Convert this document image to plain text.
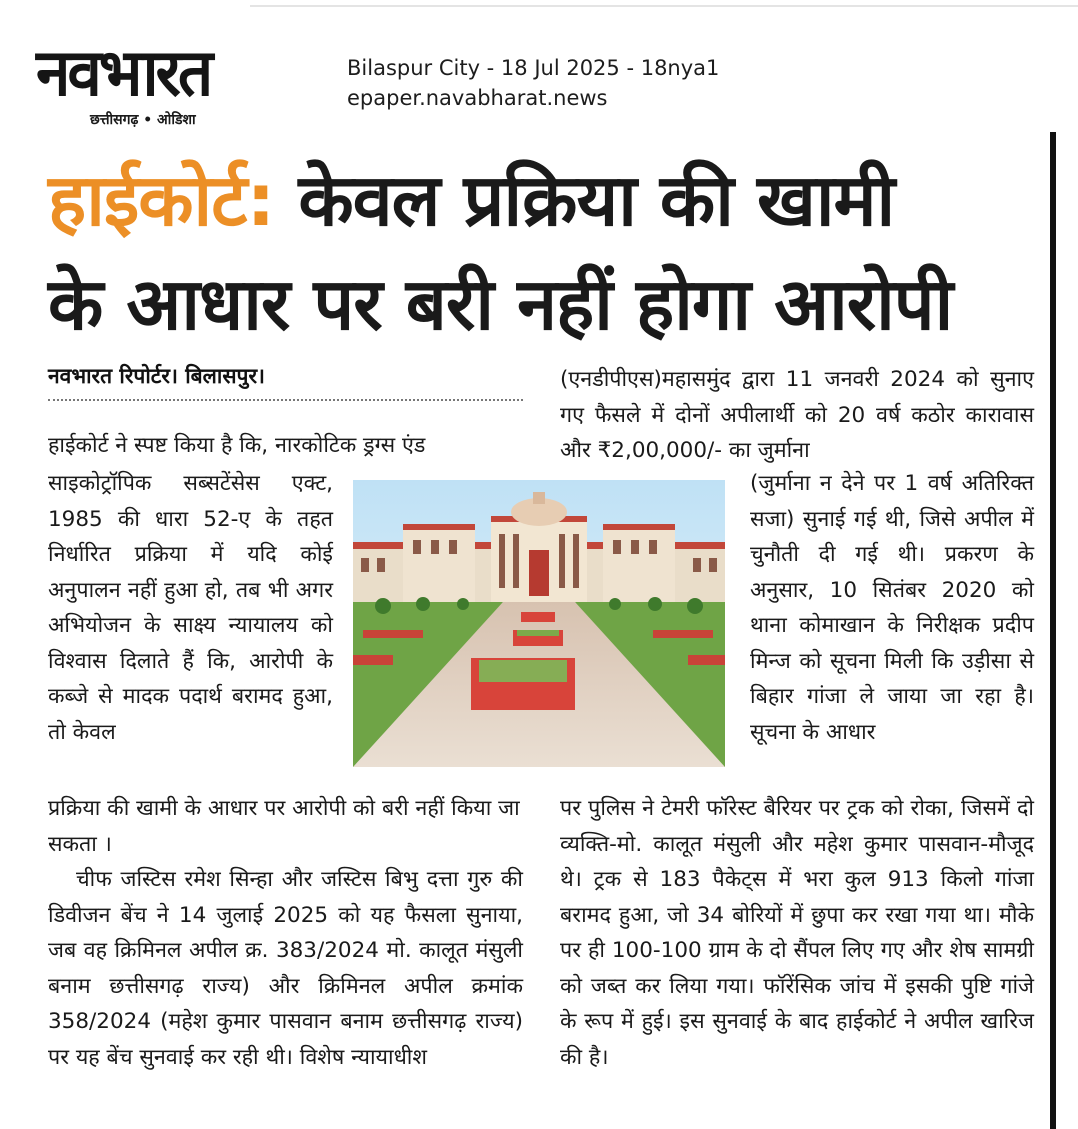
नवभारत
छत्तीसगढ़ • ओडिशा
Bilaspur City - 18 Jul 2025 - 18nya1
epaper.navabharat.news
हाईकोर्ट: केवल प्रक्रिया की खामी
के आधार पर बरी नहीं होगा आरोपी
नवभारत रिपोर्टर। बिलासपुर।

हाईकोर्ट ने स्पष्ट किया है कि, नारकोटिक ड्रग्स एंड

साइकोट्रॉपिक सब्सटेंसेस एक्ट, 1985 की धारा 52-ए के तहत निर्धारित प्रक्रिया में यदि कोई अनुपालन नहीं हुआ हो, तब भी अगर अभियोजन के साक्ष्य न्यायालय को विश्वास दिलाते हैं कि, आरोपी के कब्जे से मादक पदार्थ बरामद हुआ, तो केवल

प्रक्रिया की खामी के आधार पर आरोपी को बरी नहीं किया जा सकता ।

चीफ जस्टिस रमेश सिन्हा और जस्टिस बिभु दत्ता गुरु की डिवीजन बेंच ने 14 जुलाई 2025 को यह फैसला सुनाया, जब वह क्रिमिनल अपील क्र. 383/2024 मो. कालूत मंसुली बनाम छत्तीसगढ़ राज्य) और क्रिमिनल अपील क्रमांक 358/2024 (महेश कुमार पासवान बनाम छत्तीसगढ़ राज्य) पर यह बेंच सुनवाई कर रही थी। विशेष न्यायाधीश

(एनडीपीएस)महासमुंद द्वारा 11 जनवरी 2024 को सुनाए गए फैसले में दोनों अपीलार्थी को 20 वर्ष कठोर कारावास और ₹2,00,000/- का जुर्माना

(जुर्माना न देने पर 1 वर्ष अतिरिक्त सजा) सुनाई गई थी, जिसे अपील में चुनौती दी गई थी। प्रकरण के अनुसार, 10 सितंबर 2020 को थाना कोमाखान के निरीक्षक प्रदीप मिन्ज को सूचना मिली कि उड़ीसा से बिहार गांजा ले जाया जा रहा है। सूचना के आधार

पर पुलिस ने टेमरी फॉरेस्ट बैरियर पर ट्रक को रोका, जिसमें दो व्यक्ति-मो. कालूत मंसुली और महेश कुमार पासवान-मौजूद थे। ट्रक से 183 पैकेट्स में भरा कुल 913 किलो गांजा बरामद हुआ, जो 34 बोरियों में छुपा कर रखा गया था। मौके पर ही 100-100 ग्राम के दो सैंपल लिए गए और शेष सामग्री को जब्त कर लिया गया। फॉरेंसिक जांच में इसकी पुष्टि गांजे के रूप में हुई। इस सुनवाई के बाद हाईकोर्ट ने अपील खारिज की है।
